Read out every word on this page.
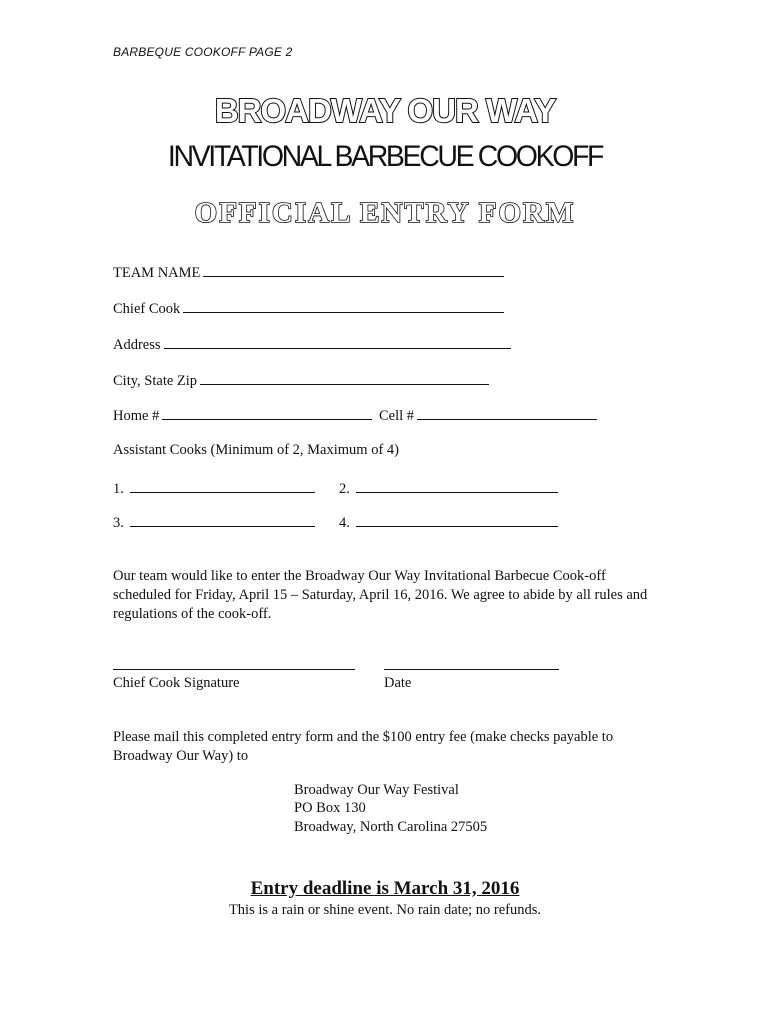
BARBEQUE COOKOFF PAGE 2
BROADWAY OUR WAY
INVITATIONAL BARBECUE COOKOFF
OFFICIAL ENTRY FORM
TEAM NAME
Chief Cook
Address
City, State Zip
Home #	Cell #
Assistant Cooks (Minimum of 2, Maximum of 4)
1.	2.
3.	4.
Our team would like to enter the Broadway Our Way Invitational Barbecue Cook-off scheduled for Friday, April 15 – Saturday, April 16, 2016. We agree to abide by all rules and regulations of the cook-off.
Chief Cook Signature	Date
Please mail this completed entry form and the $100 entry fee (make checks payable to Broadway Our Way) to
Broadway Our Way Festival
PO Box 130
Broadway, North Carolina 27505
Entry deadline is March 31, 2016
This is a rain or shine event. No rain date; no refunds.
